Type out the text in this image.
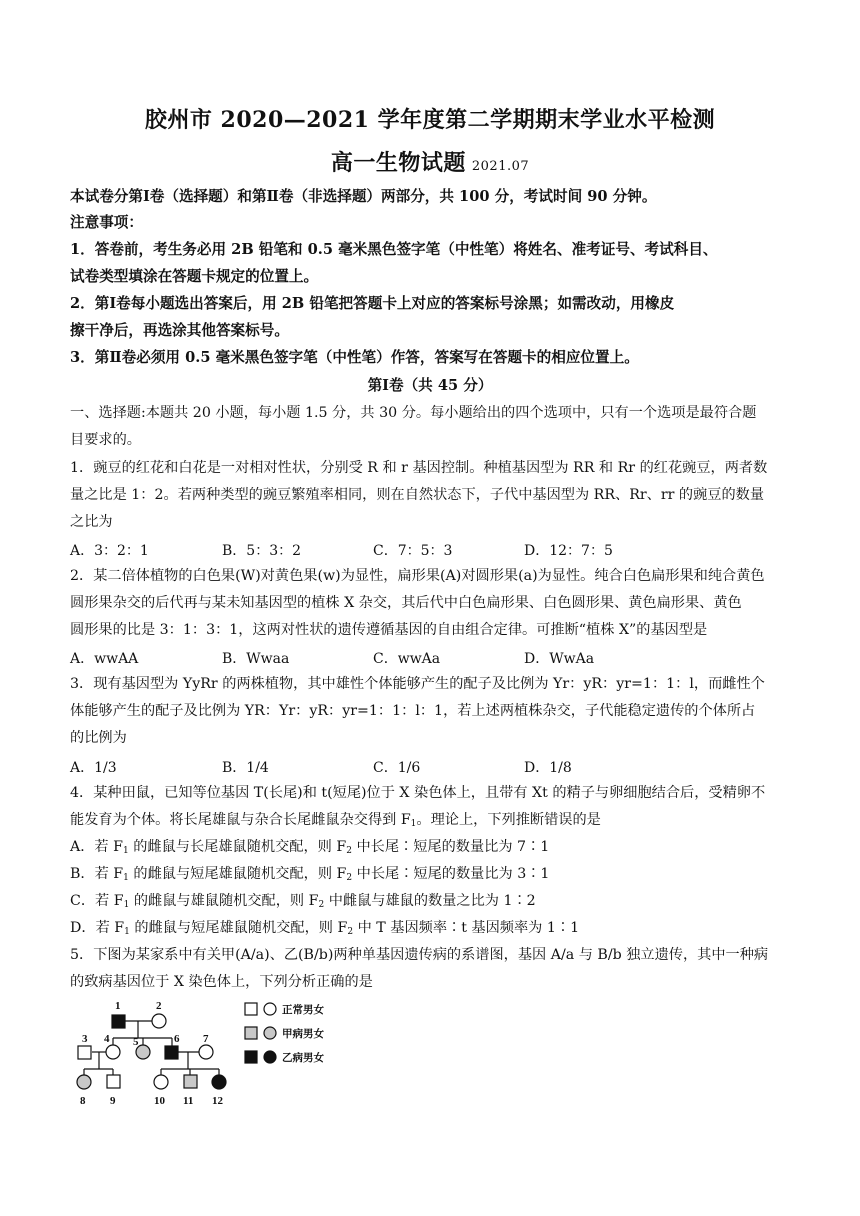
胶州市 2020—2021 学年度第二学期期末学业水平检测
高一生物试题 2021.07
本试卷分第Ⅰ卷（选择题）和第Ⅱ卷（非选择题）两部分，共 100 分，考试时间 90 分钟。
注意事项：
1．答卷前，考生务必用 2B 铅笔和 0.5 毫米黑色签字笔（中性笔）将姓名、准考证号、考试科目、
试卷类型填涂在答题卡规定的位置上。
2．第Ⅰ卷每小题选出答案后，用 2B 铅笔把答题卡上对应的答案标号涂黑；如需改动，用橡皮
擦干净后，再选涂其他答案标号。
3．第Ⅱ卷必须用 0.5 毫米黑色签字笔（中性笔）作答，答案写在答题卡的相应位置上。
第Ⅰ卷（共 45 分）
一、选择题:本题共 20 小题，每小题 1.5 分，共 30 分。每小题给出的四个选项中，只有一个选项是最符合题
目要求的。
1．豌豆的红花和白花是一对相对性状，分别受 R 和 r 基因控制。种植基因型为 RR 和 Rr 的红花豌豆，两者数
量之比是 1：2。若两种类型的豌豆繁殖率相同，则在自然状态下，子代中基因型为 RR、Rr、rr 的豌豆的数量
之比为
A．3：2：1	B．5：3：2	C．7：5：3	D．12：7：5
2．某二倍体植物的白色果(W)对黄色果(w)为显性，扁形果(A)对圆形果(a)为显性。纯合白色扁形果和纯合黄色
圆形果杂交的后代再与某未知基因型的植株 X 杂交，其后代中白色扁形果、白色圆形果、黄色扁形果、黄色
圆形果的比是 3：1：3：1，这两对性状的遗传遵循基因的自由组合定律。可推断“植株 X”的基因型是
A．wwAA	B．Wwaa	C．wwAa	D．WwAa
3．现有基因型为 YyRr 的两株植物，其中雄性个体能够产生的配子及比例为 Yr：yR：yr=1：1：l，而雌性个
体能够产生的配子及比例为 YR：Yr：yR：yr=1：1：l：1，若上述两植株杂交，子代能稳定遗传的个体所占
的比例为
A．1/3	B．1/4	C．1/6	D．1/8
4．某种田鼠，已知等位基因 T(长尾)和 t(短尾)位于 X 染色体上，且带有 Xt 的精子与卵细胞结合后，受精卵不
能发育为个体。将长尾雄鼠与杂合长尾雌鼠杂交得到 $F_1$。理论上，下列推断错误的是
A．若 $F_1$ 的雌鼠与长尾雄鼠随机交配，则 $F_2$ 中长尾∶短尾的数量比为 7∶1
B．若 $F_1$ 的雌鼠与短尾雄鼠随机交配，则 $F_2$ 中长尾∶短尾的数量比为 3∶1
C．若 $F_1$ 的雌鼠与雄鼠随机交配，则 $F_2$ 中雌鼠与雄鼠的数量之比为 1∶2
D．若 $F_1$ 的雌鼠与短尾雄鼠随机交配，则 $F_2$ 中 T 基因频率∶t 基因频率为 1∶1
5．下图为某家系中有关甲(A/a)、乙(B/b)两种单基因遗传病的系谱图，基因 A/a 与 B/b 独立遗传，其中一种病
的致病基因位于 X 染色体上，下列分析正确的是
1	2
3 4 5	6 7
8 9	10 11 12
正常男女
甲病男女
乙病男女
